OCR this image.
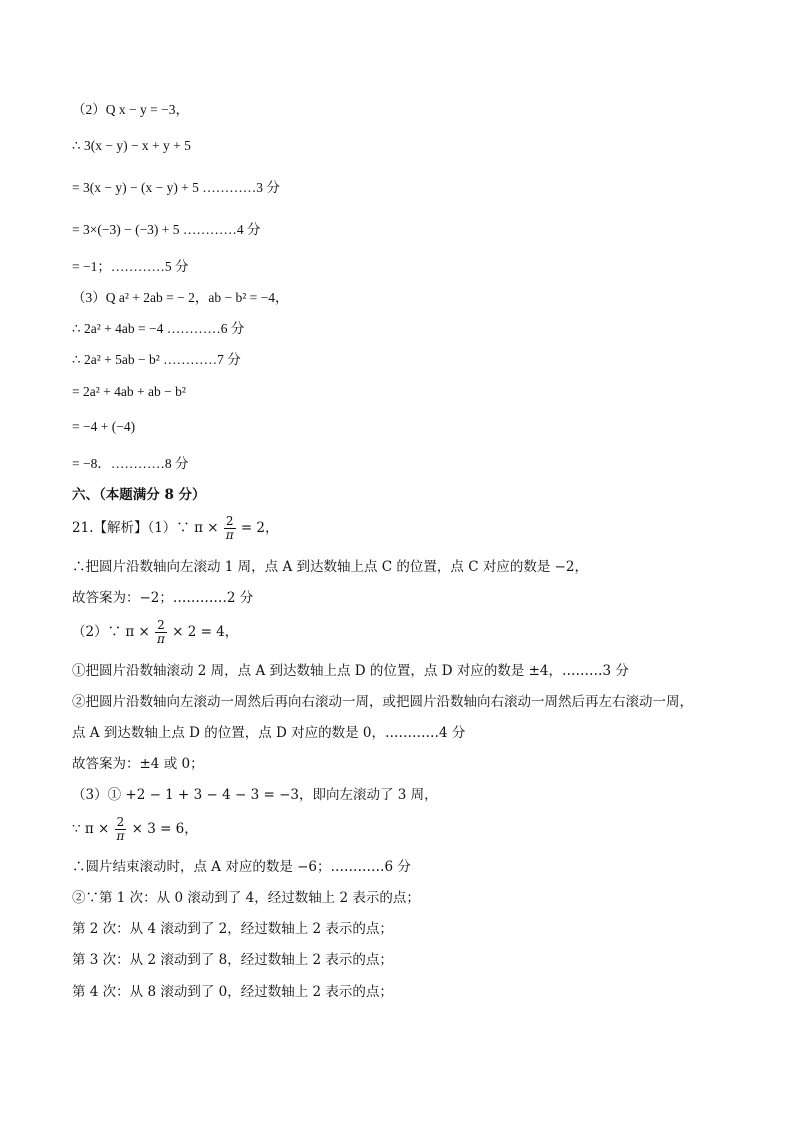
（2）Q x − y = −3，
∴ 3(x − y) − x + y + 5
= 3(x − y) − (x − y) + 5 …………3 分
= 3×(−3) − (−3) + 5 …………4 分
= −1；…………5 分
（3）Q a² + 2ab = − 2，ab − b² = −4，
∴ 2a² + 4ab = −4 …………6 分
∴ 2a² + 5ab − b² …………7 分
= 2a² + 4ab + ab − b²
= −4 + (−4)
= −8．…………8 分
六、（本题满分 8 分）
21.【解析】（1）∵ $\pi \times \frac{2}{\pi} = 2$，
∴把圆片沿数轴向左滚动 1 周，点 A 到达数轴上点 C 的位置，点 C 对应的数是 −2，
故答案为：−2；…………2 分
（2）∵ $\pi \times \frac{2}{\pi} \times 2 = 4$，
①把圆片沿数轴滚动 2 周，点 A 到达数轴上点 D 的位置，点 D 对应的数是 ±4，………3 分
②把圆片沿数轴向左滚动一周然后再向右滚动一周，或把圆片沿数轴向右滚动一周然后再左右滚动一周，
点 A 到达数轴上点 D 的位置，点 D 对应的数是 0，…………4 分
故答案为：±4 或 0；
（3）① +2 − 1 + 3 − 4 − 3 = −3，即向左滚动了 3 周，
∵ $\pi \times \frac{2}{\pi} \times 3 = 6$，
∴圆片结束滚动时，点 A 对应的数是 −6；…………6 分
②∵第 1 次：从 0 滚动到了 4，经过数轴上 2 表示的点；
第 2 次：从 4 滚动到了 2，经过数轴上 2 表示的点；
第 3 次：从 2 滚动到了 8，经过数轴上 2 表示的点；
第 4 次：从 8 滚动到了 0，经过数轴上 2 表示的点；
